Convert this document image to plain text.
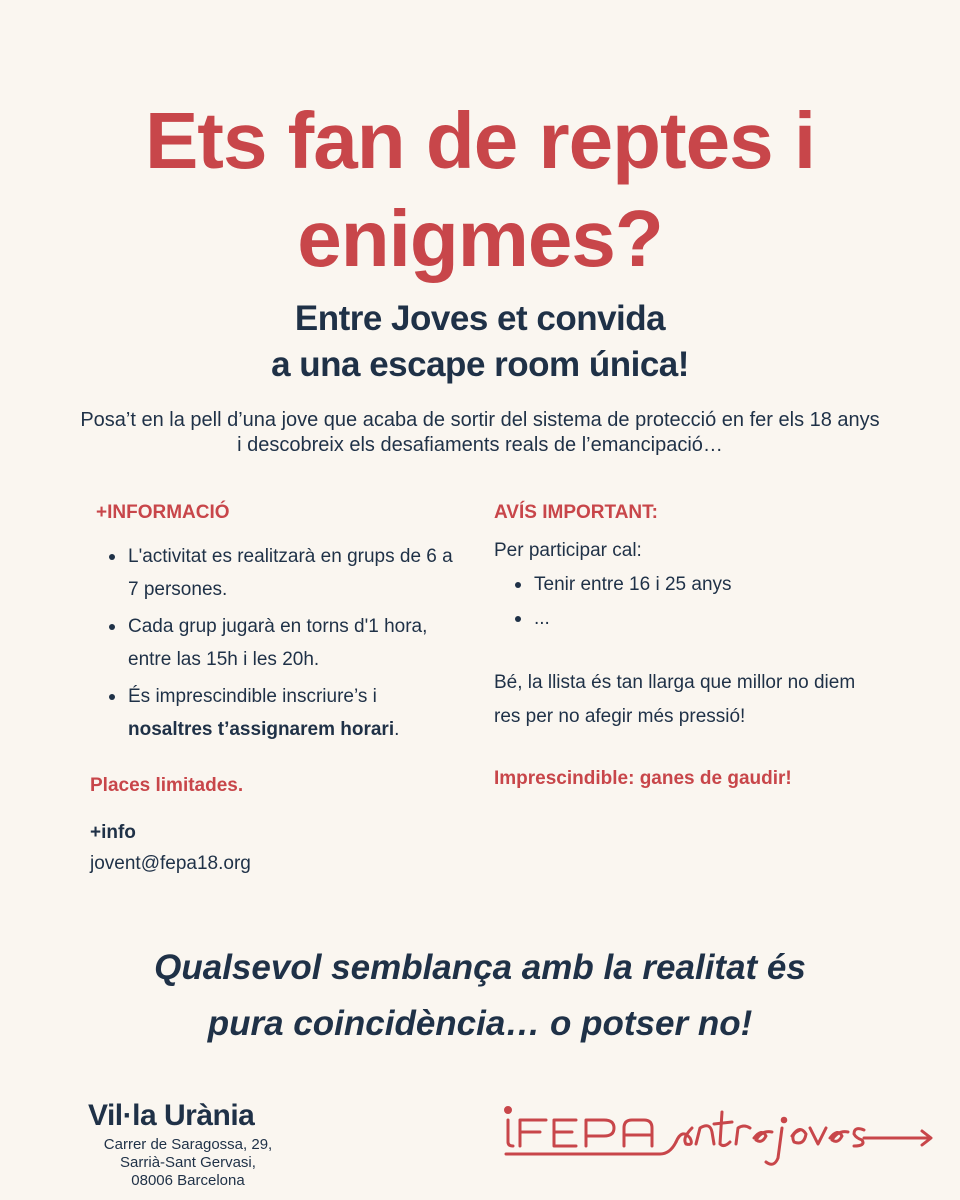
Ets fan de reptes i
enigmes?
Entre Joves et convida
a una escape room única!
Posa’t en la pell d’una jove que acaba de sortir del sistema de protecció en fer els 18 anys i descobreix els desafiaments reals de l’emancipació…
+INFORMACIÓ
L'activitat es realitzarà en grups de 6 a 7 persones.
Cada grup jugarà en torns d'1 hora, entre las 15h i les 20h.
És imprescindible inscriure’s i nosaltres t’assignarem horari.
Places limitades.
+info
jovent@fepa18.org
AVÍS IMPORTANT:
Per participar cal:
Tenir entre 16 i 25 anys
...
Bé, la llista és tan llarga que millor no diem res per no afegir més pressió!
Imprescindible: ganes de gaudir!
Qualsevol semblança amb la realitat és
pura coincidència… o potser no!
Vil·la Urània
Carrer de Saragossa, 29,
Sarrià-Sant Gervasi,
08006 Barcelona
